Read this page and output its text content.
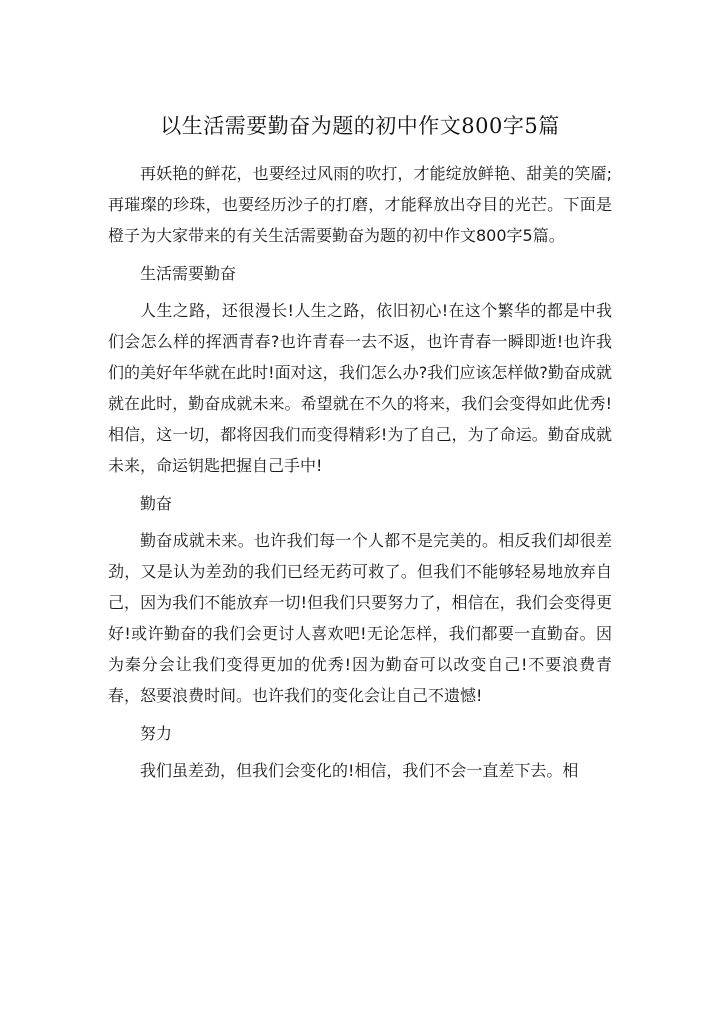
以生活需要勤奋为题的初中作文800字5篇

再妖艳的鲜花，也要经过风雨的吹打，才能绽放鲜艳、甜美的笑靥;再璀璨的珍珠，也要经历沙子的打磨，才能释放出夺目的光芒。下面是橙子为大家带来的有关生活需要勤奋为题的初中作文800字5篇。

生活需要勤奋

人生之路，还很漫长!人生之路，依旧初心!在这个繁华的都是中我们会怎么样的挥洒青春?也许青春一去不返，也许青春一瞬即逝!也许我们的美好年华就在此时!面对这，我们怎么办?我们应该怎样做?勤奋成就就在此时，勤奋成就未来。希望就在不久的将来，我们会变得如此优秀!相信，这一切，都将因我们而变得精彩!为了自己，为了命运。勤奋成就未来，命运钥匙把握自己手中!

勤奋

勤奋成就未来。也许我们每一个人都不是完美的。相反我们却很差劲，又是认为差劲的我们已经无药可救了。但我们不能够轻易地放弃自己，因为我们不能放弃一切!但我们只要努力了，相信在，我们会变得更好!或许勤奋的我们会更讨人喜欢吧!无论怎样，我们都要一直勤奋。因为秦分会让我们变得更加的优秀!因为勤奋可以改变自己!不要浪费青春，怒要浪费时间。也许我们的变化会让自己不遗憾!

努力

我们虽差劲，但我们会变化的!相信，我们不会一直差下去。相
